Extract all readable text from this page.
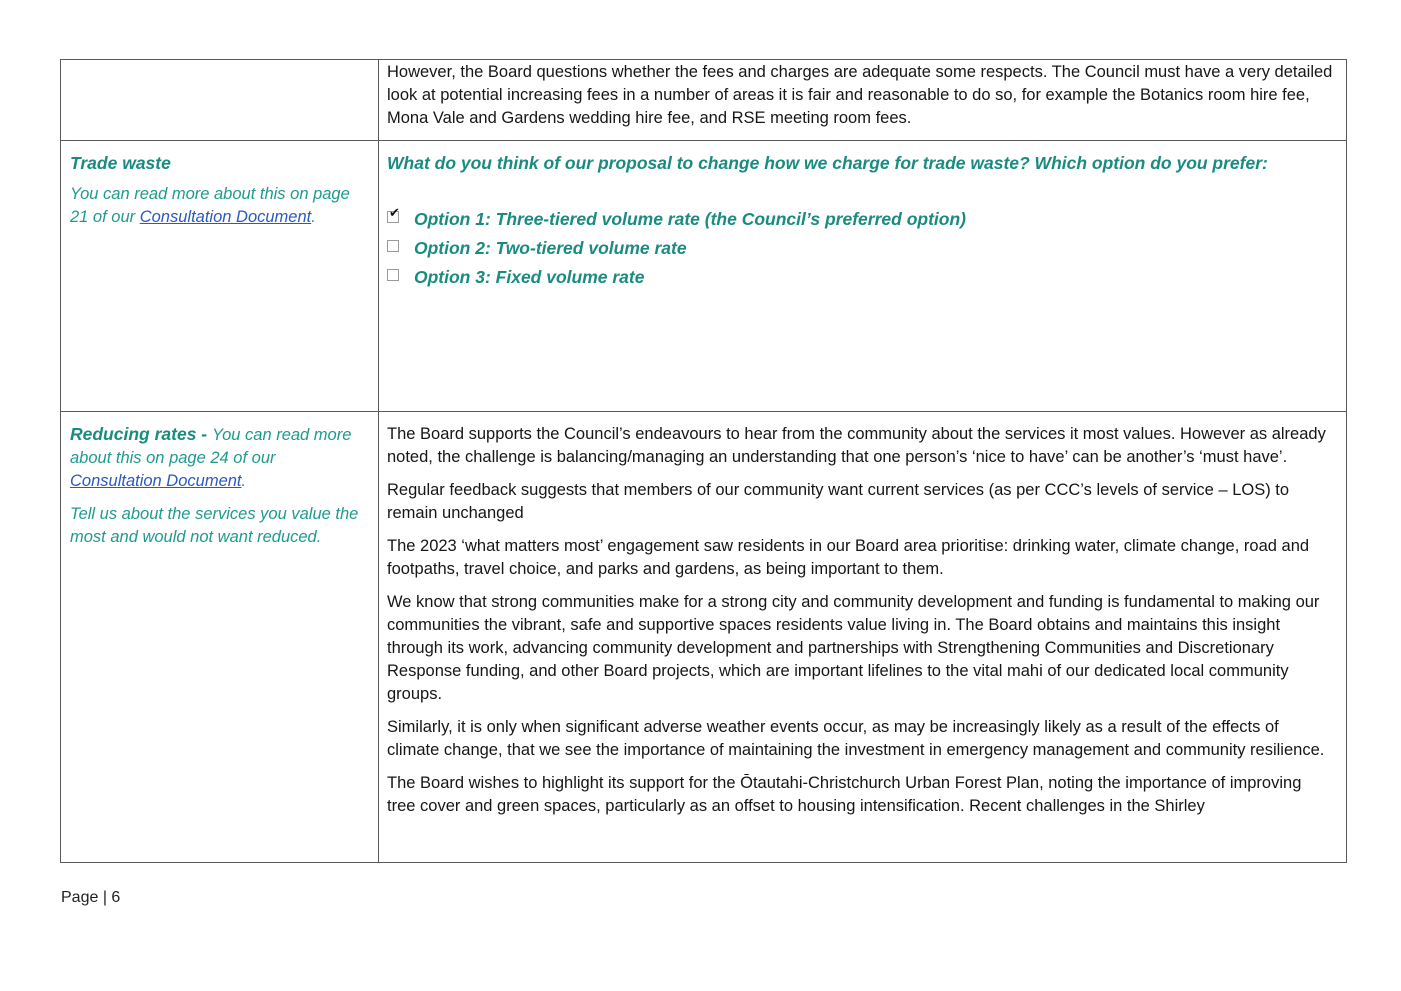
However, the Board questions whether the fees and charges are adequate some respects. The Council must have a very detailed look at potential increasing fees in a number of areas it is fair and reasonable to do so, for example the Botanics room hire fee, Mona Vale and Gardens wedding hire fee, and RSE meeting room fees.

Trade waste
You can read more about this on page 21 of our Consultation Document.
What do you think of our proposal to change how we charge for trade waste? Which option do you prefer:
✔ Option 1: Three-tiered volume rate (the Council’s preferred option)
Option 2: Two-tiered volume rate
Option 3: Fixed volume rate
Reducing rates - You can read more about this on page 24 of our Consultation Document.
Tell us about the services you value the most and would not want reduced.

The Board supports the Council’s endeavours to hear from the community about the services it most values. However as already noted, the challenge is balancing/managing an understanding that one person’s ‘nice to have’ can be another’s ‘must have’.

Regular feedback suggests that members of our community want current services (as per CCC’s levels of service – LOS) to remain unchanged

The 2023 ‘what matters most’ engagement saw residents in our Board area prioritise: drinking water, climate change, road and footpaths, travel choice, and parks and gardens, as being important to them.

We know that strong communities make for a strong city and community development and funding is fundamental to making our communities the vibrant, safe and supportive spaces residents value living in. The Board obtains and maintains this insight through its work, advancing community development and partnerships with Strengthening Communities and Discretionary Response funding, and other Board projects, which are important lifelines to the vital mahi of our dedicated local community groups.

Similarly, it is only when significant adverse weather events occur, as may be increasingly likely as a result of the effects of climate change, that we see the importance of maintaining the investment in emergency management and community resilience.

The Board wishes to highlight its support for the Ōtautahi-Christchurch Urban Forest Plan, noting the importance of improving tree cover and green spaces, particularly as an offset to housing intensification. Recent challenges in the Shirley

Page | 6
